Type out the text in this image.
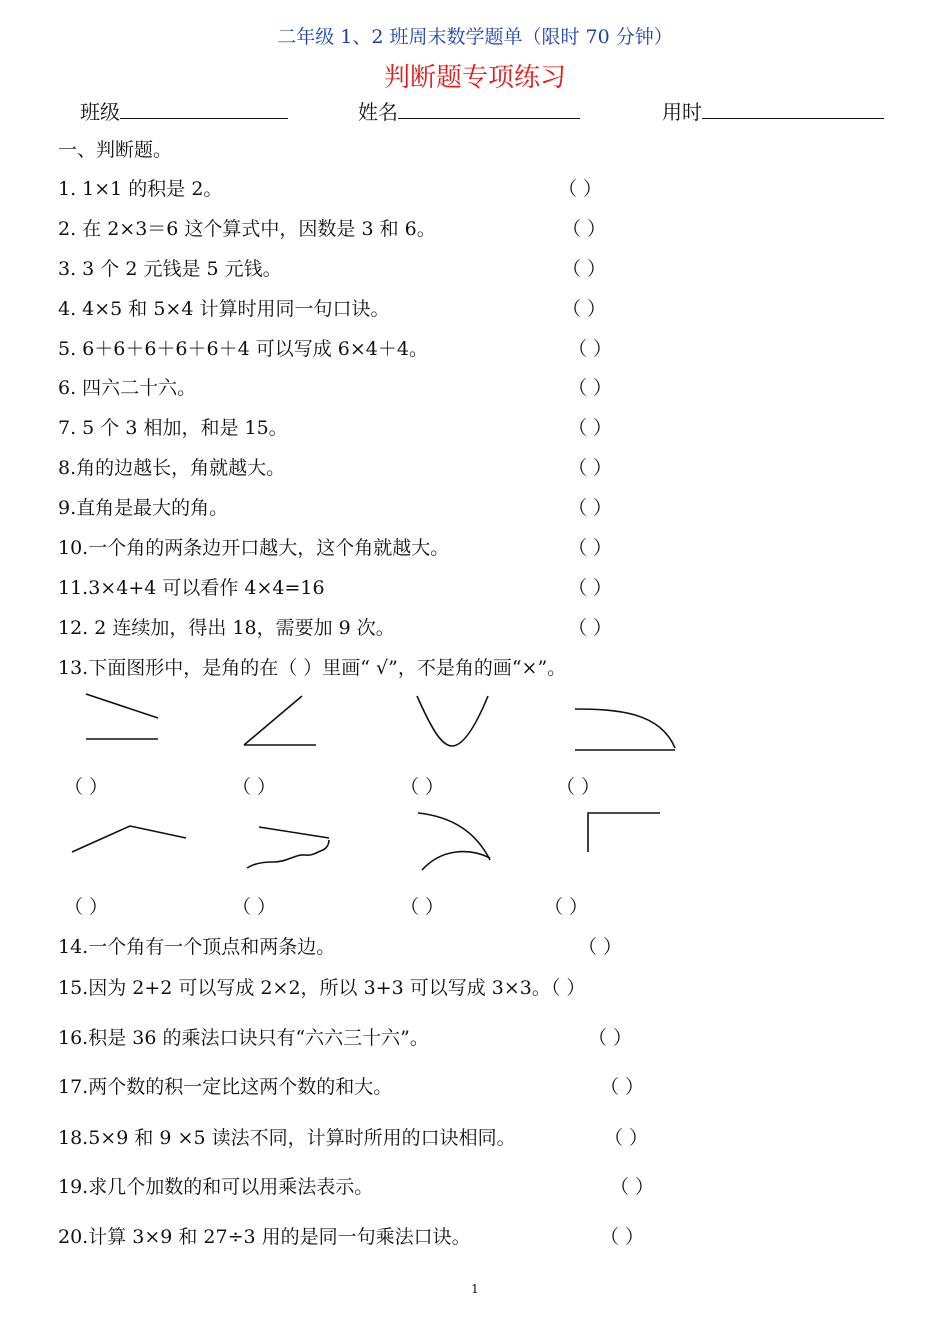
二年级 1、2 班周末数学题单（限时 70 分钟）
判断题专项练习
班级	姓名	用时
一、判断题。
1. 1×1 的积是 2。	（ ）
2. 在 2×3＝6 这个算式中，因数是 3 和 6。	（ ）
3. 3 个 2 元钱是 5 元钱。	（ ）
4. 4×5 和 5×4 计算时用同一句口诀。	（ ）
5. 6＋6＋6＋6＋6＋4 可以写成 6×4＋4。	（ ）
6. 四六二十六。	（ ）
7. 5 个 3 相加，和是 15。	（ ）
8.角的边越长，角就越大。	（ ）
9.直角是最大的角。	（ ）
10.一个角的两条边开口越大，这个角就越大。	（ ）
11.3×4+4 可以看作 4×4=16	（ ）
12. 2 连续加，得出 18，需要加 9 次。	（ ）
13.下面图形中，是角的在（ ）里画“ √”，不是角的画“×”。
（ ）	（ ）	（ ）	（ ）
（ ）	（ ）	（ ）	（ ）
14.一个角有一个顶点和两条边。	（ ）
15.因为 2+2 可以写成 2×2，所以 3+3 可以写成 3×3。（ ）
16.积是 36 的乘法口诀只有“六六三十六”。	（ ）
17.两个数的积一定比这两个数的和大。	（ ）
18.5×9 和 9 ×5 读法不同，计算时所用的口诀相同。	（ ）
19.求几个加数的和可以用乘法表示。	（ ）
20.计算 3×9 和 27÷3 用的是同一句乘法口诀。	（ ）
1
